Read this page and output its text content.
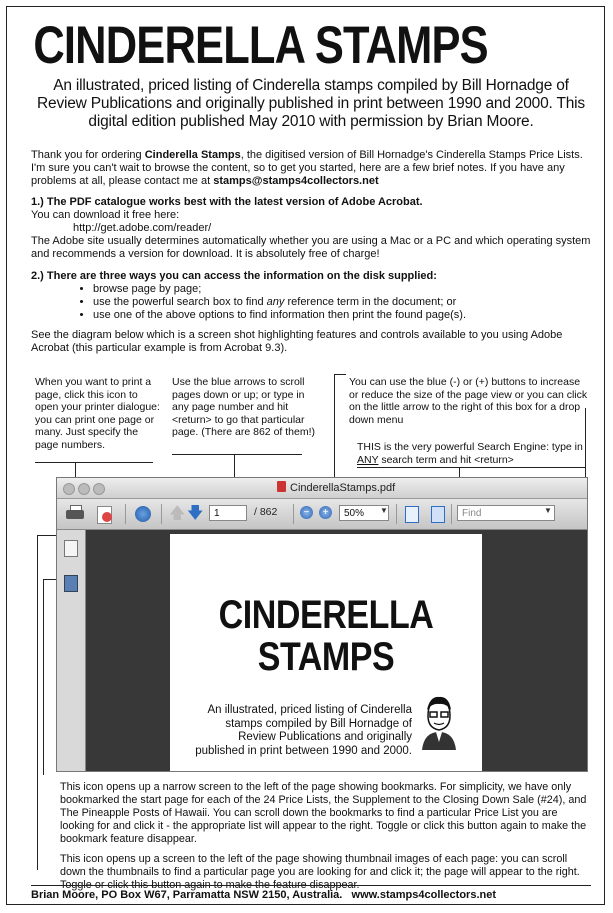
CINDERELLA STAMPS
An illustrated, priced listing of Cinderella stamps compiled by Bill Hornadge of Review Publications and originally published in print between 1990 and 2000. This digital edition published May 2010 with permission by Brian Moore.
Thank you for ordering Cinderella Stamps, the digitised version of Bill Hornadge's Cinderella Stamps Price Lists. I'm sure you can't wait to browse the content, so to get you started, here are a few brief notes. If you have any problems at all, please contact me at stamps@stamps4collectors.net
1.) The PDF catalogue works best with the latest version of Adobe Acrobat.
You can download it free here:
http://get.adobe.com/reader/
The Adobe site usually determines automatically whether you are using a Mac or a PC and which operating system and recommends a version for download. It is absolutely free of charge!
2.) There are three ways you can access the information on the disk supplied:
• browse page by page;
• use the powerful search box to find any reference term in the document; or
• use one of the above options to find information then print the found page(s).
See the diagram below which is a screen shot highlighting features and controls available to you using Adobe Acrobat (this particular example is from Acrobat 9.3).
When you want to print a page, click this icon to open your printer dialogue: you can print one page or many. Just specify the page numbers.
Use the blue arrows to scroll pages down or up; or type in any page number and hit <return> to go that particular page. (There are 862 of them!)
You can use the blue (-) or (+) buttons to increase or reduce the size of the page view or you can click on the little arrow to the right of this box for a drop down menu
THIS is the very powerful Search Engine: type in ANY search term and hit <return>
CinderellaStamps.pdf
🡅 🡇	1	/ 862	−	+	50%	▼	Find	▼
CINDERELLA
STAMPS
An illustrated, priced listing of Cinderella stamps compiled by Bill Hornadge of Review Publications and originally published in print between 1990 and 2000.
This icon opens up a narrow screen to the left of the page showing bookmarks. For simplicity, we have only bookmarked the start page for each of the 24 Price Lists, the Supplement to the Closing Down Sale (#24), and The Pineapple Posts of Hawaii. You can scroll down the bookmarks to find a particular Price List you are looking for and click it - the appropriate list will appear to the right. Toggle or click this button again to make the bookmark feature disappear.
This icon opens up a screen to the left of the page showing thumbnail images of each page: you can scroll down the thumbnails to find a particular page you are looking for and click it; the page will appear to the right. Toggle or click this button again to make the feature disappear.
Brian Moore, PO Box W67, Parramatta NSW 2150, Australia. www.stamps4collectors.net
